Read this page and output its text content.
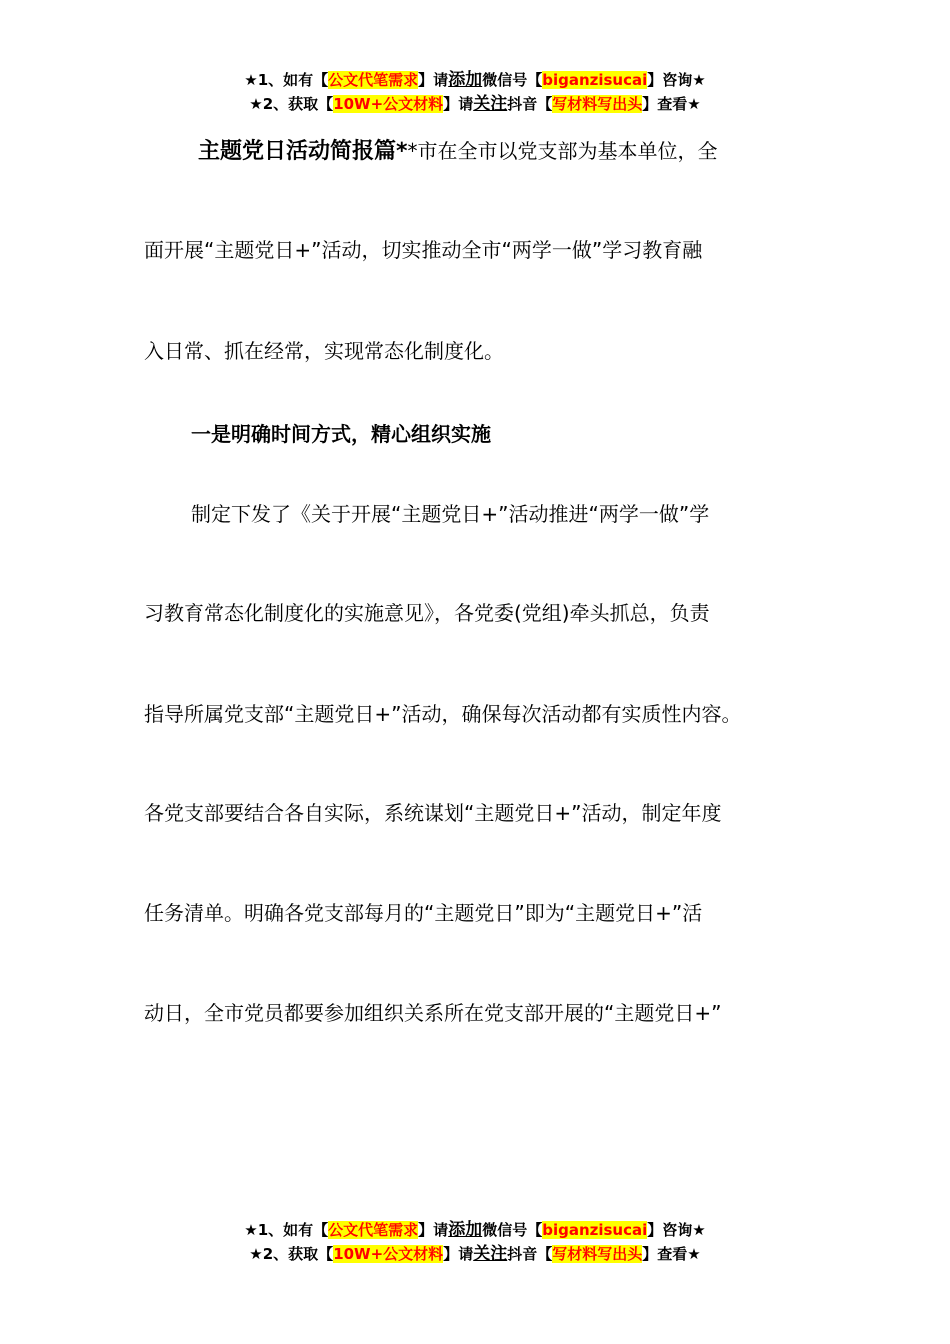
★1、如有【公文代笔需求】请添加微信号【biganzisucai】咨询★
★2、获取【10W+公文材料】请关注抖音【写材料写出头】查看★
主题党日活动简报篇**市在全市以党支部为基本单位，全
面开展“主题党日+”活动，切实推动全市“两学一做”学习教育融
入日常、抓在经常，实现常态化制度化。
一是明确时间方式，精心组织实施
制定下发了《关于开展“主题党日+”活动推进“两学一做”学
习教育常态化制度化的实施意见》，各党委(党组)牵头抓总，负责
指导所属党支部“主题党日+”活动，确保每次活动都有实质性内容。
各党支部要结合各自实际，系统谋划“主题党日+”活动，制定年度
任务清单。明确各党支部每月的“主题党日”即为“主题党日+”活
动日，全市党员都要参加组织关系所在党支部开展的“主题党日+”
★1、如有【公文代笔需求】请添加微信号【biganzisucai】咨询★
★2、获取【10W+公文材料】请关注抖音【写材料写出头】查看★
